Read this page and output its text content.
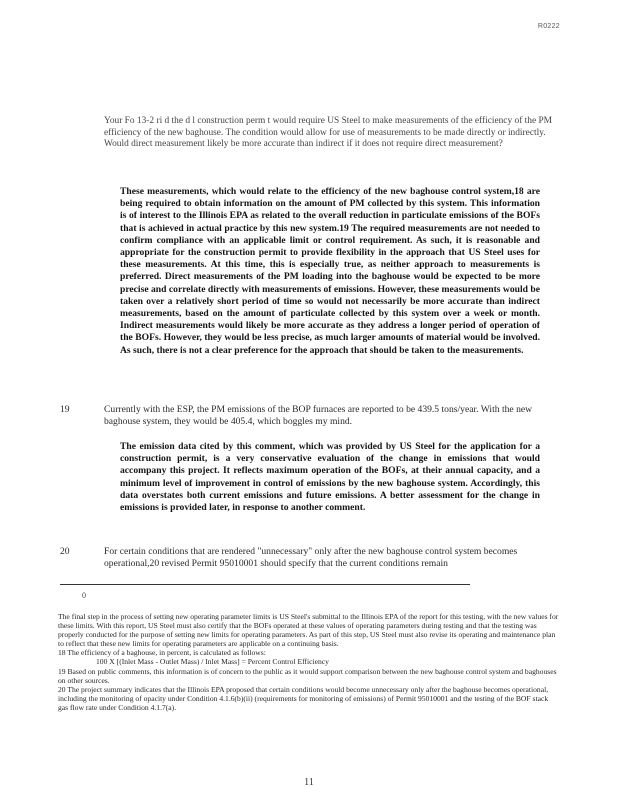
R0222
Your Fo 13-2 ri d the d l construction perm t would require US Steel to make measurements of the efficiency of the PM efficiency of the new baghouse. The condition would allow for use of measurements to be made directly or indirectly. Would direct measurement likely be more accurate than indirect if it does not require direct measurement?
These measurements, which would relate to the efficiency of the new baghouse control system,18 are being required to obtain information on the amount of PM collected by this system. This information is of interest to the Illinois EPA as related to the overall reduction in particulate emissions of the BOFs that is achieved in actual practice by this new system.19 The required measurements are not needed to confirm compliance with an applicable limit or control requirement. As such, it is reasonable and appropriate for the construction permit to provide flexibility in the approach that US Steel uses for these measurements. At this time, this is especially true, as neither approach to measurements is preferred. Direct measurements of the PM loading into the baghouse would be expected to be more precise and correlate directly with measurements of emissions. However, these measurements would be taken over a relatively short period of time so would not necessarily be more accurate than indirect measurements, based on the amount of particulate collected by this system over a week or month. Indirect measurements would likely be more accurate as they address a longer period of operation of the BOFs. However, they would be less precise, as much larger amounts of material would be involved. As such, there is not a clear preference for the approach that should be taken to the measurements.
19	Currently with the ESP, the PM emissions of the BOP furnaces are reported to be 439.5 tons/year. With the new baghouse system, they would be 405.4, which boggles my mind.
The emission data cited by this comment, which was provided by US Steel for the application for a construction permit, is a very conservative evaluation of the change in emissions that would accompany this project. It reflects maximum operation of the BOFs, at their annual capacity, and a minimum level of improvement in control of emissions by the new baghouse system. Accordingly, this data overstates both current emissions and future emissions. A better assessment for the change in emissions is provided later, in response to another comment.
20	For certain conditions that are rendered "unnecessary" only after the new baghouse control system becomes operational,20 revised Permit 95010001 should specify that the current conditions remain
0

The final step in the process of setting new operating parameter limits is US Steel's submittal to the Illinois EPA of the report for this testing, with the new values for these limits. With this report, US Steel must also certify that the BOFs operated at these values of operating parameters during testing and that the testing was properly conducted for the purpose of setting new limits for operating parameters. As part of this step, US Steel must also revise its operating and maintenance plan to reflect that these new limits for operating parameters are applicable on a continuing basis.

18 The efficiency of a baghouse, in percent, is calculated as follows:

100 X [(Inlet Mass - Outlet Mass) / Inlet Mass] = Percent Control Efficiency

19 Based on public comments, this information is of concern to the public as it would support comparison between the new baghouse control system and baghouses on other sources.

20 The project summary indicates that the Illinois EPA proposed that certain conditions would become unnecessary only after the baghouse becomes operational, including the monitoring of opacity under Condition 4.1.6(b)(ii) (requirements for monitoring of emissions) of Permit 95010001 and the testing of the BOF stack gas flow rate under Condition 4.1.7(a).

11
